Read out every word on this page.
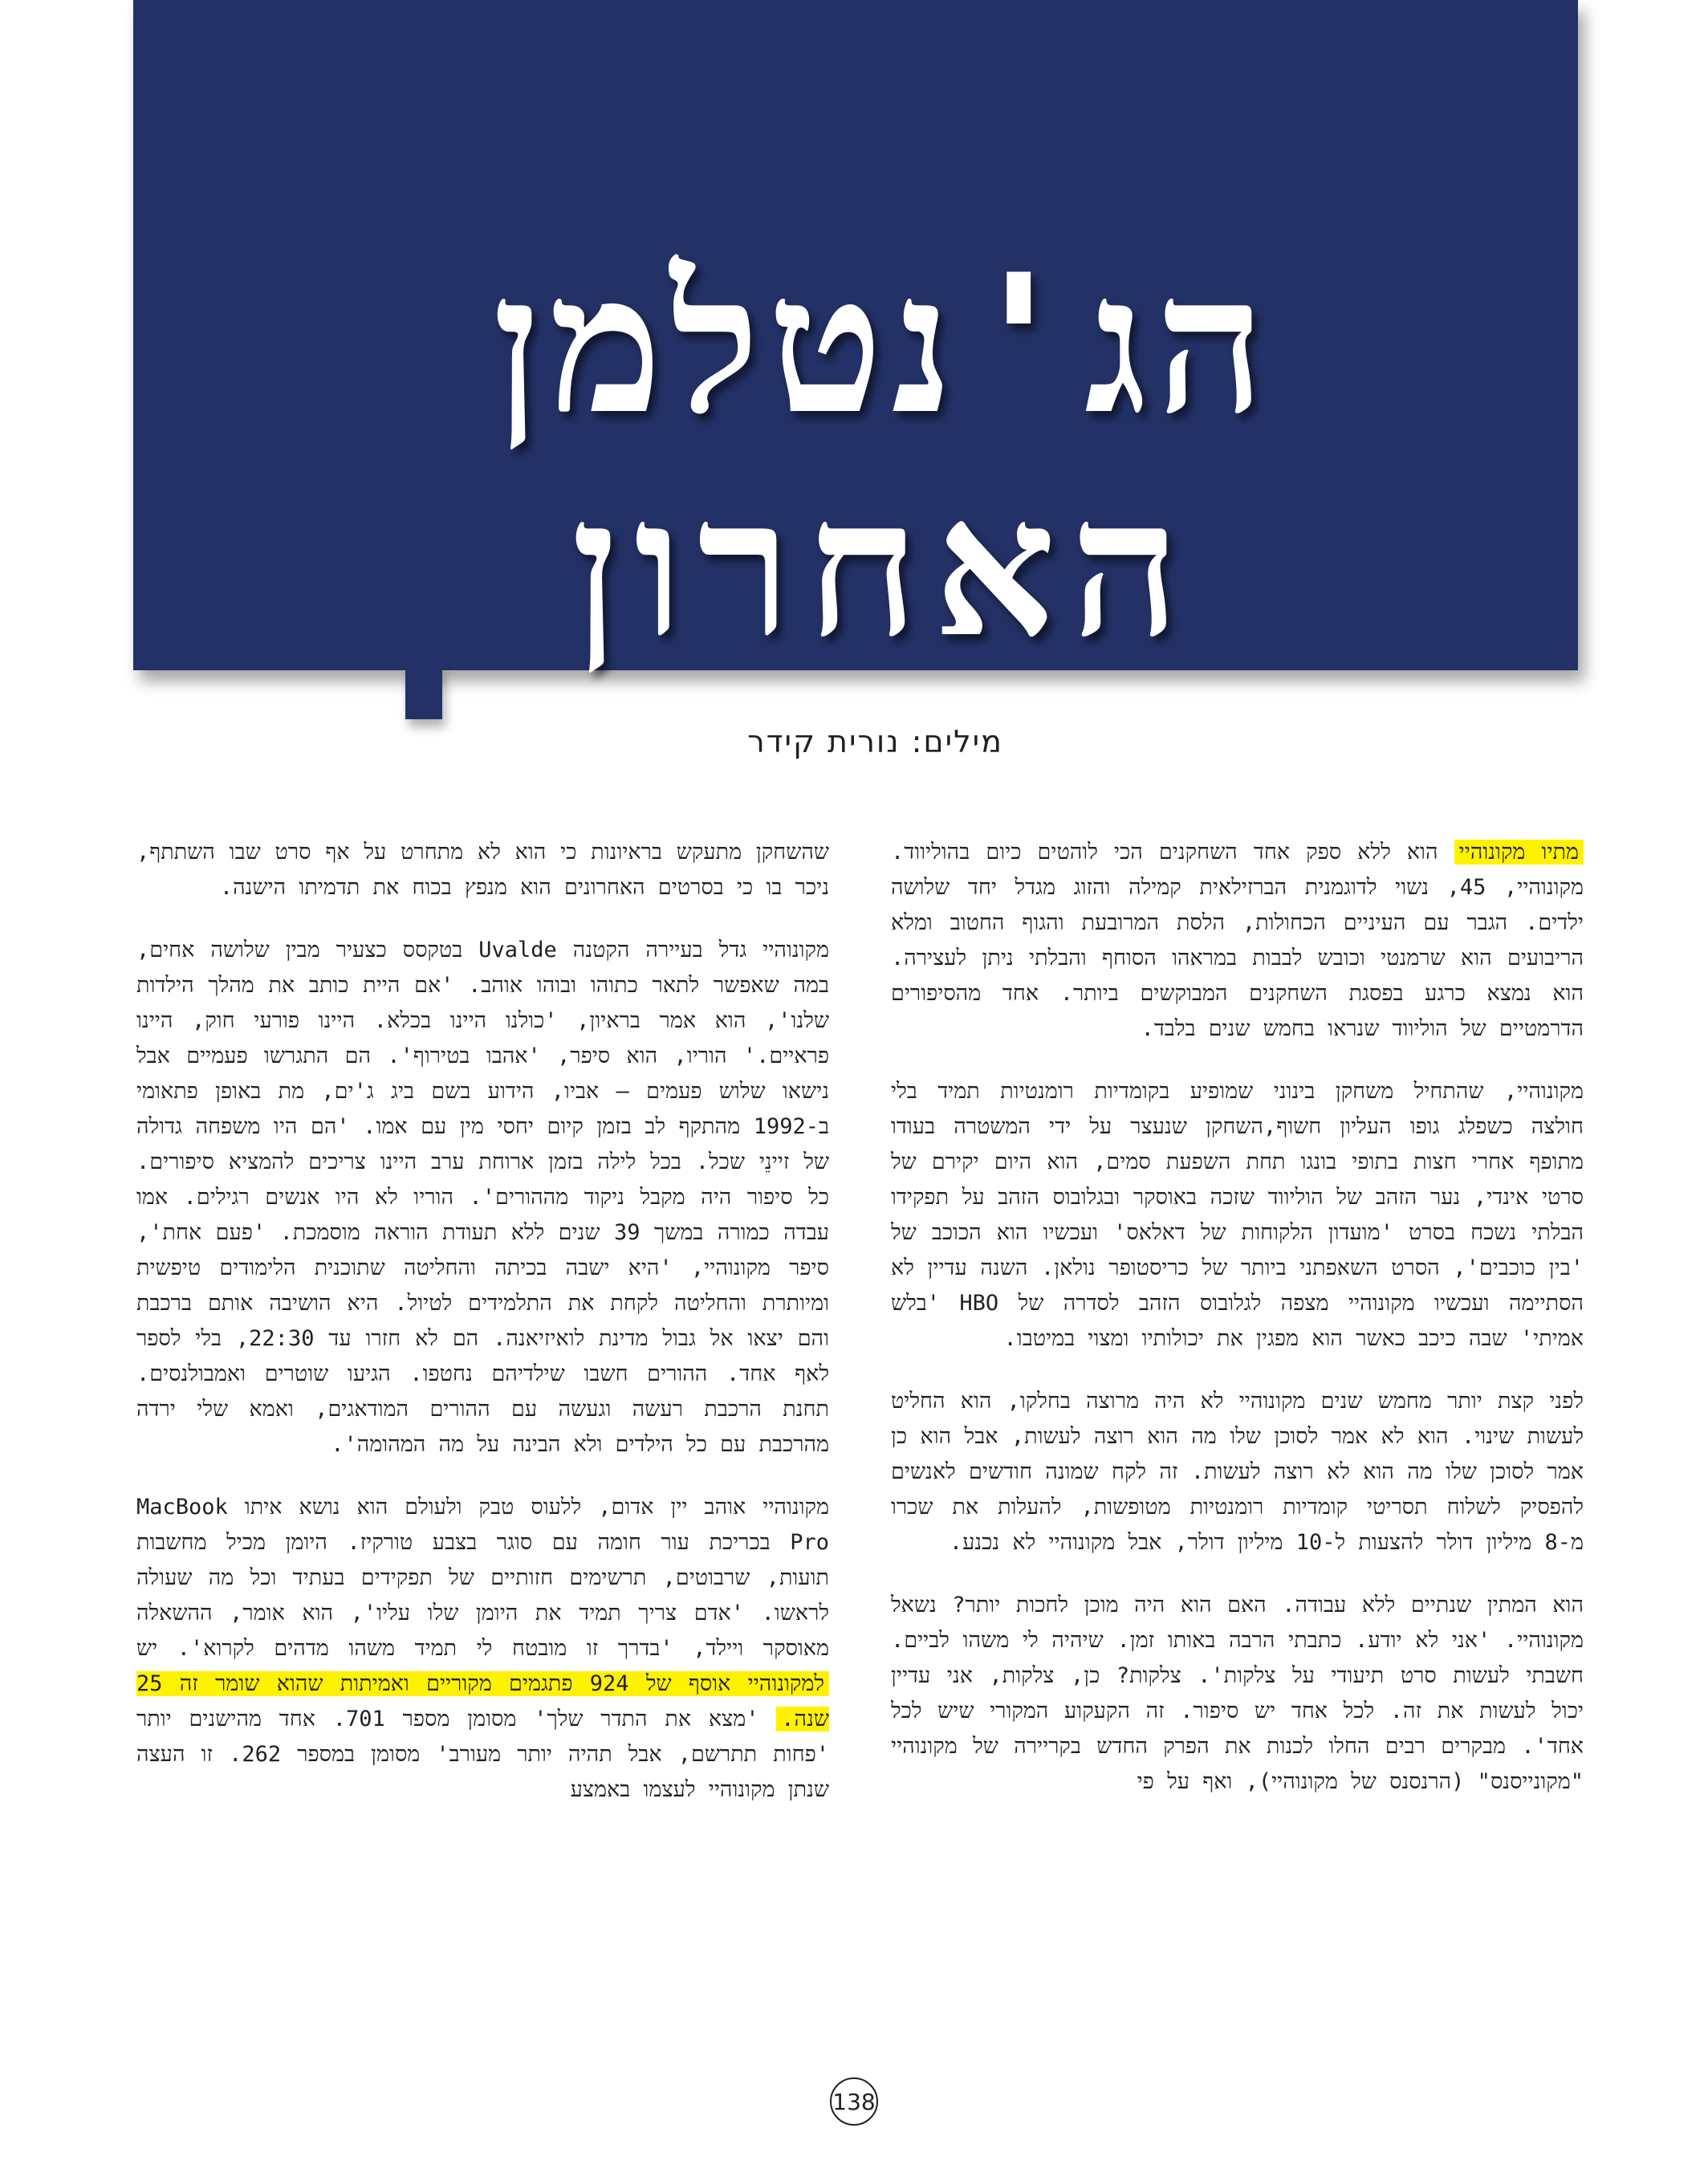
הג'נטלמן
האחרון
מילים: נורית קידר

מתיו מקונוהיי הוא ללא ספק אחד השחקנים הכי לוהטים כיום בהוליווד. מקונוהיי, 45, נשוי לדוגמנית הברזילאית קמילה והזוג מגדל יחד שלושה ילדים. הגבר עם העיניים הכחולות, הלסת המרובעת והגוף החטוב ומלא הריבועים הוא שרמנטי וכובש לבבות במראהו הסוחף והבלתי ניתן לעצירה. הוא נמצא כרגע בפסגת השחקנים המבוקשים ביותר. אחד מהסיפורים הדרמטיים של הוליווד שנראו בחמש שנים בלבד.

מקונוהיי, שהתחיל משחקן בינוני שמופיע בקומדיות רומנטיות תמיד בלי חולצה כשפלג גופו העליון חשוף,השחקן שנעצר על ידי המשטרה בעודו מתופף אחרי חצות בתופי בונגו תחת השפעת סמים, הוא היום יקירם של סרטי אינדי, נער הזהב של הוליווד שזכה באוסקר ובגלובוס הזהב על תפקידו הבלתי נשכח בסרט 'מועדון הלקוחות של דאלאס' ועכשיו הוא הכוכב של 'בין כוכבים', הסרט השאפתני ביותר של כריסטופר נולאן. השנה עדיין לא הסתיימה ועכשיו מקונוהיי מצפה לגלובוס הזהב לסדרה של HBO 'בלש אמיתי' שבה כיכב כאשר הוא מפגין את יכולותיו ומצוי במיטבו.

לפני קצת יותר מחמש שנים מקונוהיי לא היה מרוצה בחלקו, הוא החליט לעשות שינוי. הוא לא אמר לסוכן שלו מה הוא רוצה לעשות, אבל הוא כן אמר לסוכן שלו מה הוא לא רוצה לעשות. זה לקח שמונה חודשים לאנשים להפסיק לשלוח תסריטי קומדיות רומנטיות מטופשות, להעלות את שכרו מ-8 מיליון דולר להצעות ל-10 מיליון דולר, אבל מקונוהיי לא נכנע.

הוא המתין שנתיים ללא עבודה. האם הוא היה מוכן לחכות יותר? נשאל מקונוהיי. 'אני לא יודע. כתבתי הרבה באותו זמן. שיהיה לי משהו לביים. חשבתי לעשות סרט תיעודי על צלקות'. צלקות? כן, צלקות, אני עדיין יכול לעשות את זה. לכל אחד יש סיפור. זה הקעקוע המקורי שיש לכל אחד'. מבקרים רבים החלו לכנות את הפרק החדש בקריירה של מקונוהיי "מקונייסנס" (הרנסנס של מקונוהיי), ואף על פי

שהשחקן מתעקש בראיונות כי הוא לא מתחרט על אף סרט שבו השתתף, ניכר בו כי בסרטים האחרונים הוא מנפץ בכוח את תדמיתו הישנה.

מקונוהיי גדל בעיירה הקטנה Uvalde בטקסס כצעיר מבין שלושה אחים, במה שאפשר לתאר כתוהו ובוהו אוהב. 'אם היית כותב את מהלך הילדות שלנו', הוא אמר בראיון, 'כולנו היינו בכלא. היינו פורעי חוק, היינו פראיים.' הוריו, הוא סיפר, 'אהבו בטירוף'. הם התגרשו פעמיים אבל נישאו שלוש פעמים – אביו, הידוע בשם ביג ג'ים, מת באופן פתאומי ב-1992 מהתקף לב בזמן קיום יחסי מין עם אמו. 'הם היו משפחה גדולה של זיינֵי שכל. בכל לילה בזמן ארוחת ערב היינו צריכים להמציא סיפורים. כל סיפור היה מקבל ניקוד מההורים'. הוריו לא היו אנשים רגילים. אמו עבדה כמורה במשך 39 שנים ללא תעודת הוראה מוסמכת. 'פעם אחת', סיפר מקונוהיי, 'היא ישבה בכיתה והחליטה שתוכנית הלימודים טיפשית ומיותרת והחליטה לקחת את התלמידים לטיול. היא הושיבה אותם ברכבת והם יצאו אל גבול מדינת לואיזיאנה. הם לא חזרו עד 22:30, בלי לספר לאף אחד. ההורים חשבו שילדיהם נחטפו. הגיעו שוטרים ואמבולנסים. תחנת הרכבת רעשה וגעשה עם ההורים המודאגים, ואמא שלי ירדה מהרכבת עם כל הילדים ולא הבינה על מה המהומה'.

מקונוהיי אוהב יין אדום, ללעוס טבק ולעולם הוא נושא איתו MacBook Pro בכריכת עור חומה עם סוגר בצבע טורקיז. היומן מכיל מחשבות תועות, שרבוטים, תרשימים חזותיים של תפקידים בעתיד וכל מה שעולה לראשו. 'אדם צריך תמיד את היומן שלו עליו', הוא אומר, ההשאלה מאוסקר ויילד, 'בדרך זו מובטח לי תמיד משהו מדהים לקרוא'. יש למקונוהיי אוסף של 924 פתגמים מקוריים ואמיתות שהוא שומר זה 25 שנה. 'מצא את התדר שלך' מסומן מספר 701. אחד מהישנים יותר 'פחות תתרשם, אבל תהיה יותר מעורב' מסומן במספר 262. זו העצה שנתן מקונוהיי לעצמו באמצע

138
